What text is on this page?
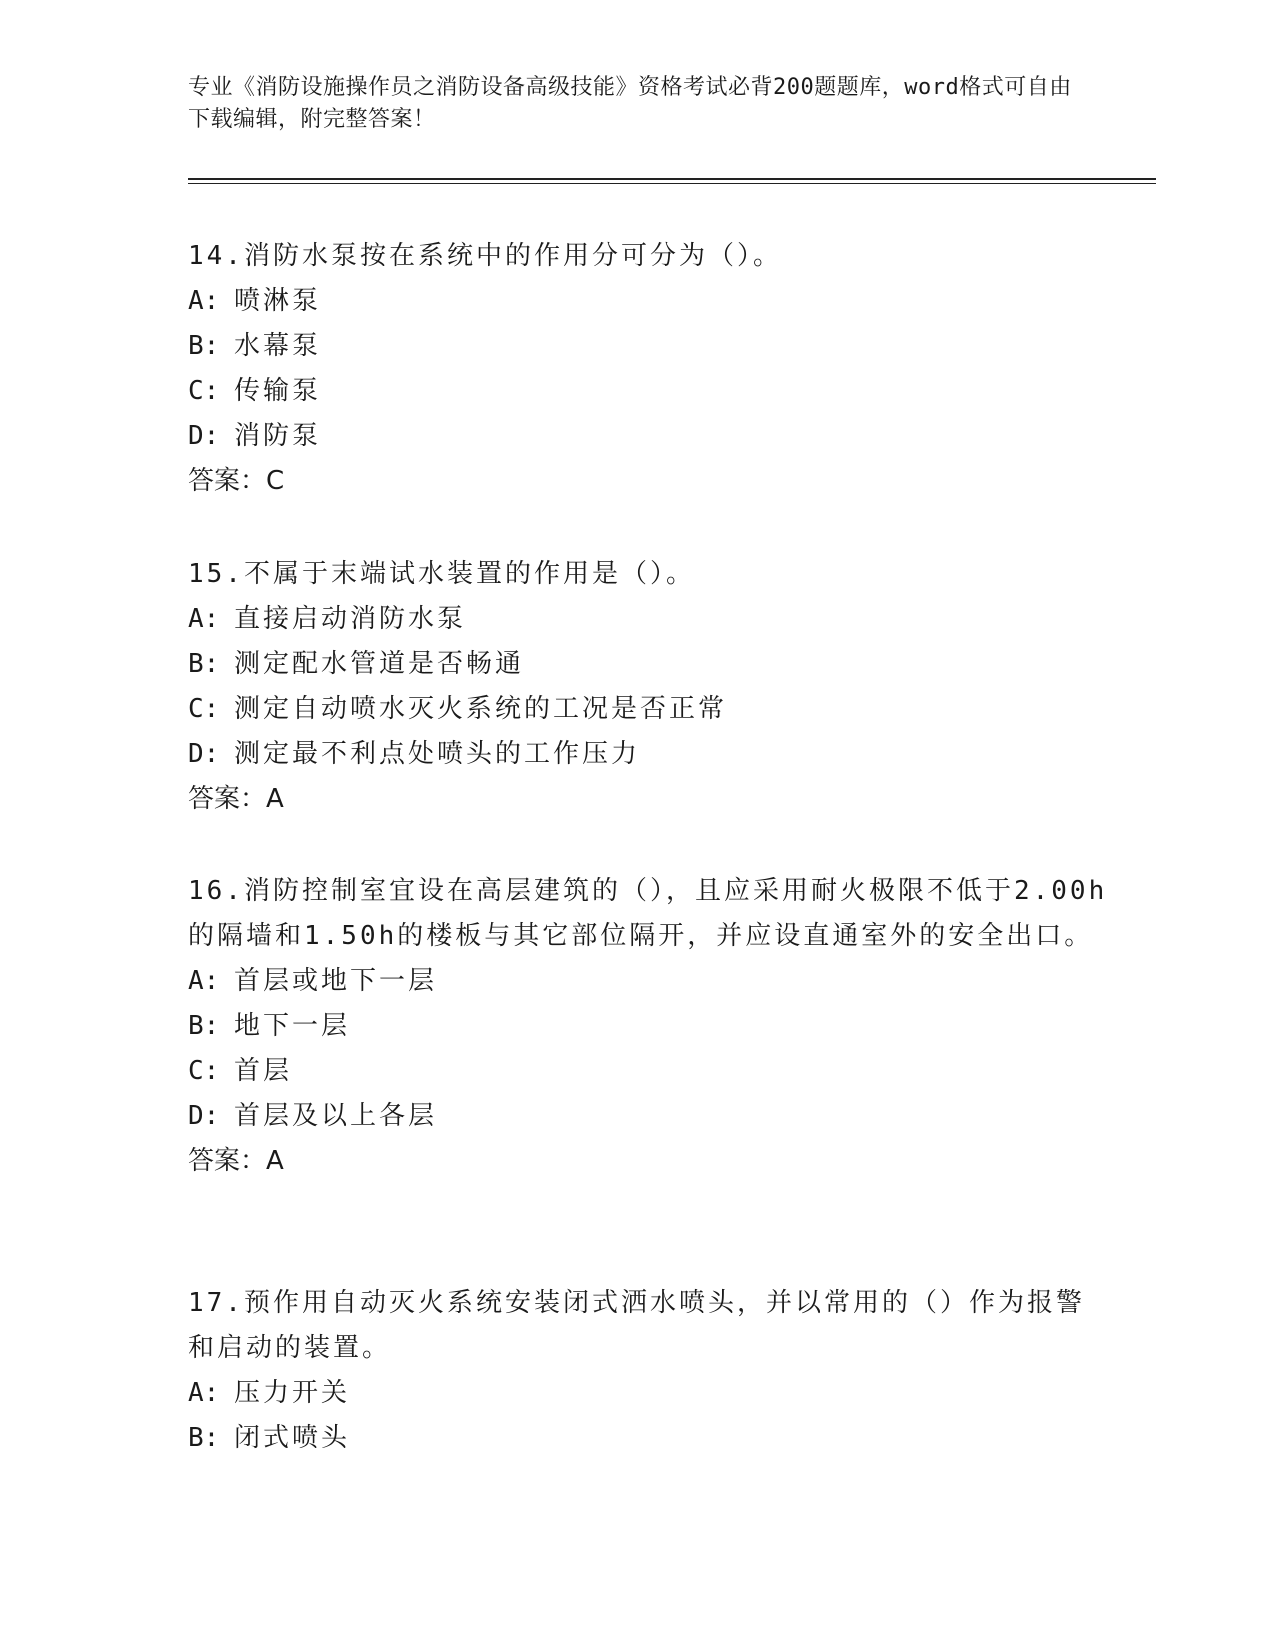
专业《消防设施操作员之消防设备高级技能》资格考试必背200题题库，word格式可自由下载编辑，附完整答案！

14.消防水泵按在系统中的作用分可分为（）。

A: 喷淋泵

B: 水幕泵

C: 传输泵

D: 消防泵

答案：C

15.不属于末端试水装置的作用是（）。

A: 直接启动消防水泵

B: 测定配水管道是否畅通

C: 测定自动喷水灭火系统的工况是否正常

D: 测定最不利点处喷头的工作压力

答案：A

16.消防控制室宜设在高层建筑的（），且应采用耐火极限不低于2.00h的隔墙和1.50h的楼板与其它部位隔开，并应设直通室外的安全出口。

A: 首层或地下一层

B: 地下一层

C: 首层

D: 首层及以上各层

答案：A

17.预作用自动灭火系统安装闭式洒水喷头，并以常用的（）作为报警和启动的装置。

A: 压力开关

B: 闭式喷头
